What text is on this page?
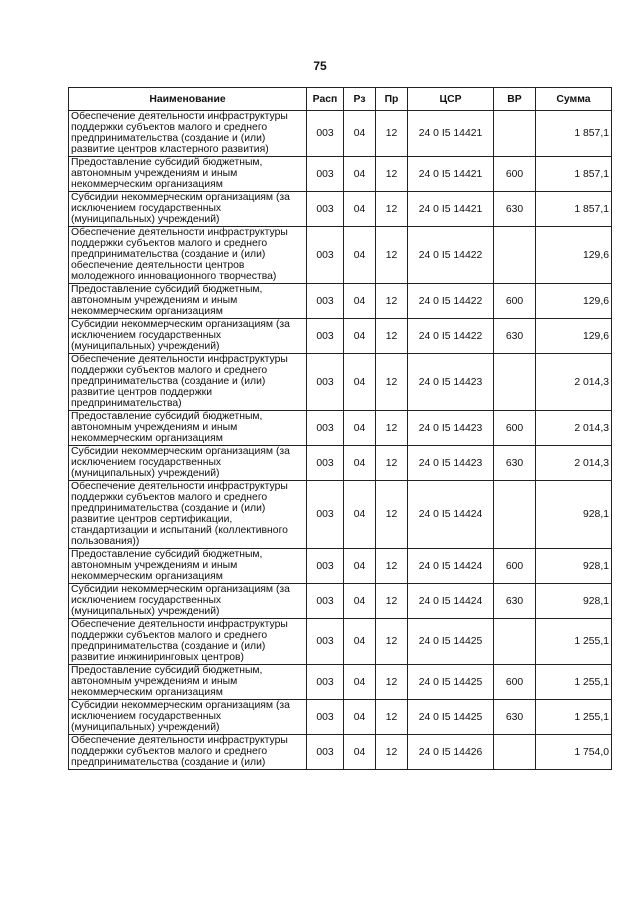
75
Наименование	Расп	Рз	Пр	ЦСР	ВР	Сумма
Обеспечение деятельности инфраструктуры поддержки субъектов малого и среднего предпринимательства (создание и (или) развитие центров кластерного развития)	003	04	12	24 0 I5 14421		1 857,1
Предоставление субсидий бюджетным, автономным учреждениям и иным некоммерческим организациям	003	04	12	24 0 I5 14421	600	1 857,1
Субсидии некоммерческим организациям (за исключением государственных (муниципальных) учреждений)	003	04	12	24 0 I5 14421	630	1 857,1
Обеспечение деятельности инфраструктуры поддержки субъектов малого и среднего предпринимательства (создание и (или) обеспечение деятельности центров молодежного инновационного творчества)	003	04	12	24 0 I5 14422		129,6
Предоставление субсидий бюджетным, автономным учреждениям и иным некоммерческим организациям	003	04	12	24 0 I5 14422	600	129,6
Субсидии некоммерческим организациям (за исключением государственных (муниципальных) учреждений)	003	04	12	24 0 I5 14422	630	129,6
Обеспечение деятельности инфраструктуры поддержки субъектов малого и среднего предпринимательства (создание и (или) развитие центров поддержки предпринимательства)	003	04	12	24 0 I5 14423		2 014,3
Предоставление субсидий бюджетным, автономным учреждениям и иным некоммерческим организациям	003	04	12	24 0 I5 14423	600	2 014,3
Субсидии некоммерческим организациям (за исключением государственных (муниципальных) учреждений)	003	04	12	24 0 I5 14423	630	2 014,3
Обеспечение деятельности инфраструктуры поддержки субъектов малого и среднего предпринимательства (создание и (или) развитие центров сертификации, стандартизации и испытаний (коллективного пользования))	003	04	12	24 0 I5 14424		928,1
Предоставление субсидий бюджетным, автономным учреждениям и иным некоммерческим организациям	003	04	12	24 0 I5 14424	600	928,1
Субсидии некоммерческим организациям (за исключением государственных (муниципальных) учреждений)	003	04	12	24 0 I5 14424	630	928,1
Обеспечение деятельности инфраструктуры поддержки субъектов малого и среднего предпринимательства (создание и (или) развитие инжиниринговых центров)	003	04	12	24 0 I5 14425		1 255,1
Предоставление субсидий бюджетным, автономным учреждениям и иным некоммерческим организациям	003	04	12	24 0 I5 14425	600	1 255,1
Субсидии некоммерческим организациям (за исключением государственных (муниципальных) учреждений)	003	04	12	24 0 I5 14425	630	1 255,1
Обеспечение деятельности инфраструктуры поддержки субъектов малого и среднего предпринимательства (создание и (или)	003	04	12	24 0 I5 14426		1 754,0
